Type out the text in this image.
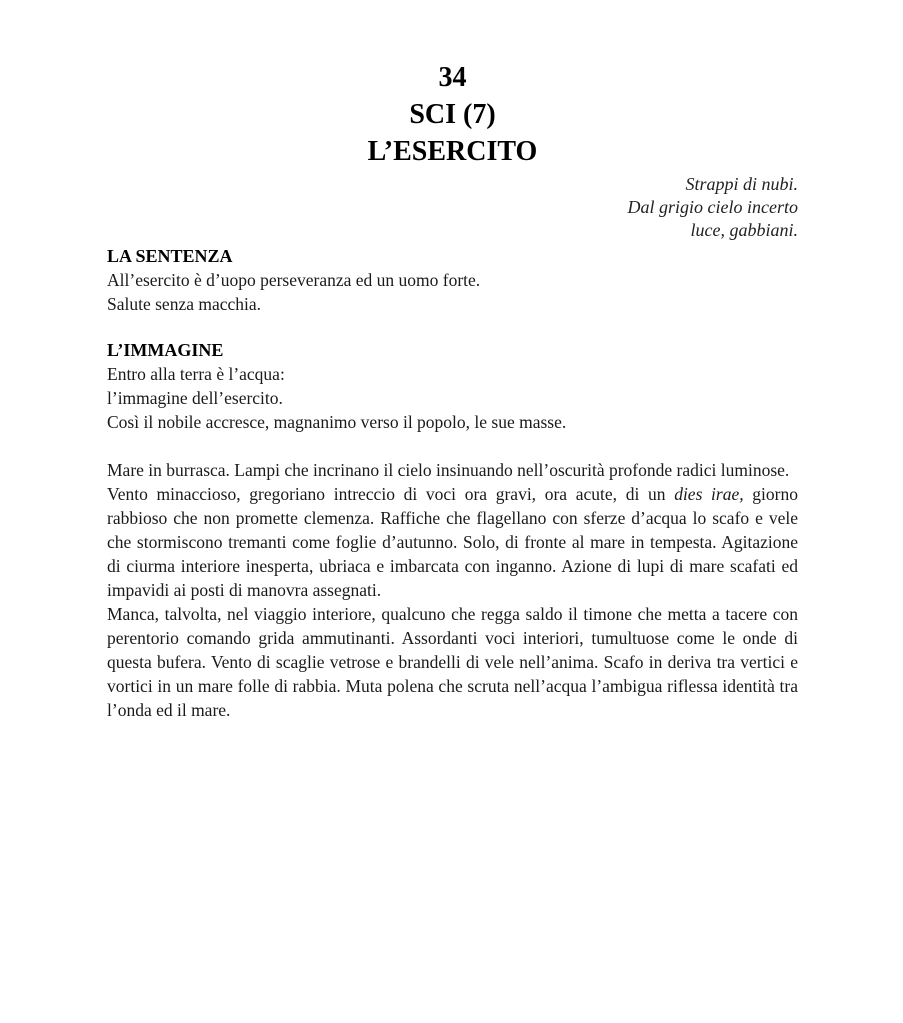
34
SCI (7)
L’ESERCITO
Strappi di nubi.
Dal grigio cielo incerto
luce, gabbiani.
LA SENTENZA
All’esercito è d’uopo perseveranza ed un uomo forte.
Salute senza macchia.
L’IMMAGINE
Entro alla terra è l’acqua:
l’immagine dell’esercito.
Così il nobile accresce, magnanimo verso il popolo, le sue masse.

Mare in burrasca. Lampi che incrinano il cielo insinuando nell’oscurità profonde radici luminose.

Vento minaccioso, gregoriano intreccio di voci ora gravi, ora acute, di un dies irae, giorno rabbioso che non promette clemenza. Raffiche che flagellano con sferze d’acqua lo scafo e vele che stormiscono tremanti come foglie d’autunno. Solo, di fronte al mare in tempesta. Agitazione di ciurma interiore inesperta, ubriaca e imbarcata con inganno. Azione di lupi di mare scafati ed impavidi ai posti di manovra assegnati.

Manca, talvolta, nel viaggio interiore, qualcuno che regga saldo il timone che metta a tacere con perentorio comando grida ammutinanti. Assordanti voci interiori, tumultuose come le onde di questa bufera. Vento di scaglie vetrose e brandelli di vele nell’anima. Scafo in deriva tra vertici e vortici in un mare folle di rabbia. Muta polena che scruta nell’acqua l’ambigua riflessa identità tra l’onda ed il mare.
